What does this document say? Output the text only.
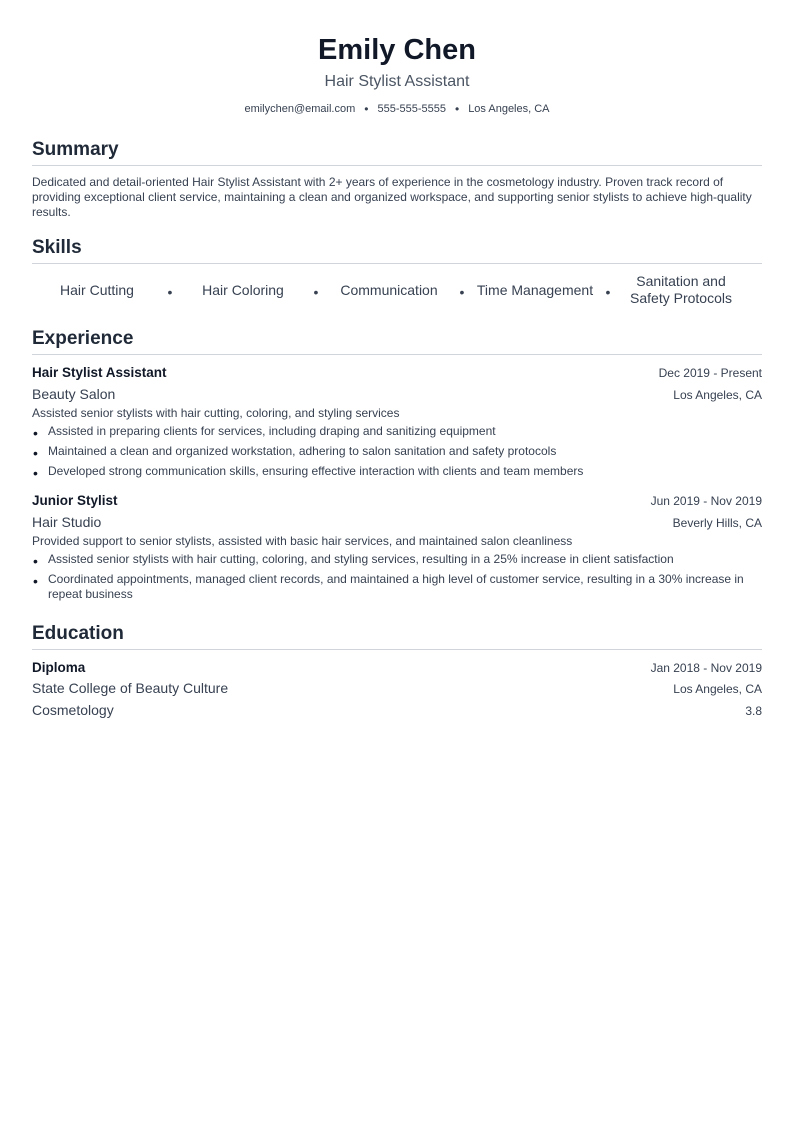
Emily Chen
Hair Stylist Assistant
emilychen@email.com • 555-555-5555 • Los Angeles, CA
Summary
Dedicated and detail-oriented Hair Stylist Assistant with 2+ years of experience in the cosmetology industry. Proven track record of providing exceptional client service, maintaining a clean and organized workspace, and supporting senior stylists to achieve high-quality results.
Skills
Hair Cutting	•	Hair Coloring	•	Communication	• Time Management •
Sanitation and Safety Protocols
Experience
Hair Stylist Assistant	Dec 2019 - Present
Beauty Salon	Los Angeles, CA
Assisted senior stylists with hair cutting, coloring, and styling services
• Assisted in preparing clients for services, including draping and sanitizing equipment
• Maintained a clean and organized workstation, adhering to salon sanitation and safety protocols
• Developed strong communication skills, ensuring effective interaction with clients and team members
Junior Stylist	Jun 2019 - Nov 2019
Hair Studio	Beverly Hills, CA
Provided support to senior stylists, assisted with basic hair services, and maintained salon cleanliness
• Assisted senior stylists with hair cutting, coloring, and styling services, resulting in a 25% increase in client satisfaction
• Coordinated appointments, managed client records, and maintained a high level of customer service, resulting in a 30% increase in repeat business
Education
Diploma	Jan 2018 - Nov 2019
State College of Beauty Culture	Los Angeles, CA
Cosmetology	3.8
